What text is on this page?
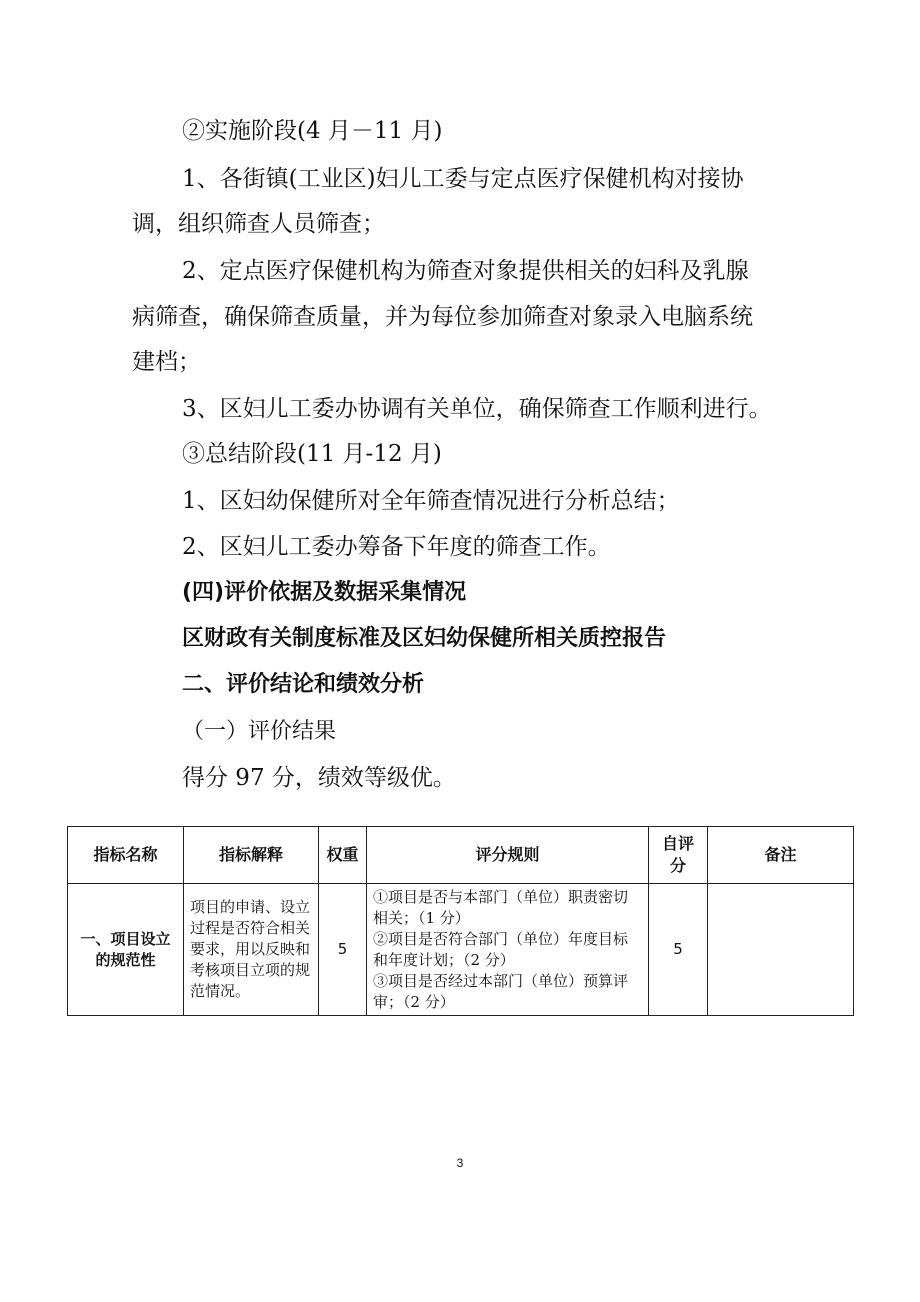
②实施阶段(4 月－11 月)

1、各街镇(工业区)妇儿工委与定点医疗保健机构对接协

调，组织筛查人员筛查；

2、定点医疗保健机构为筛查对象提供相关的妇科及乳腺

病筛查，确保筛查质量，并为每位参加筛查对象录入电脑系统

建档；

3、区妇儿工委办协调有关单位，确保筛查工作顺利进行。

③总结阶段(11 月-12 月)

1、区妇幼保健所对全年筛查情况进行分析总结；

2、区妇儿工委办筹备下年度的筛查工作。

(四)评价依据及数据采集情况

区财政有关制度标准及区妇幼保健所相关质控报告

二、评价结论和绩效分析

（一）评价结果

得分 97 分，绩效等级优。

指标名称	指标解释	权重	评分规则	自评分	备注
一、项目设立的规范性	项目的申请、设立过程是否符合相关要求，用以反映和考核项目立项的规范情况。	5	①项目是否与本部门（单位）职责密切相关；（1 分）
②项目是否符合部门（单位）年度目标和年度计划；（2 分）
③项目是否经过本部门（单位）预算评审；（2 分）	5	
3
